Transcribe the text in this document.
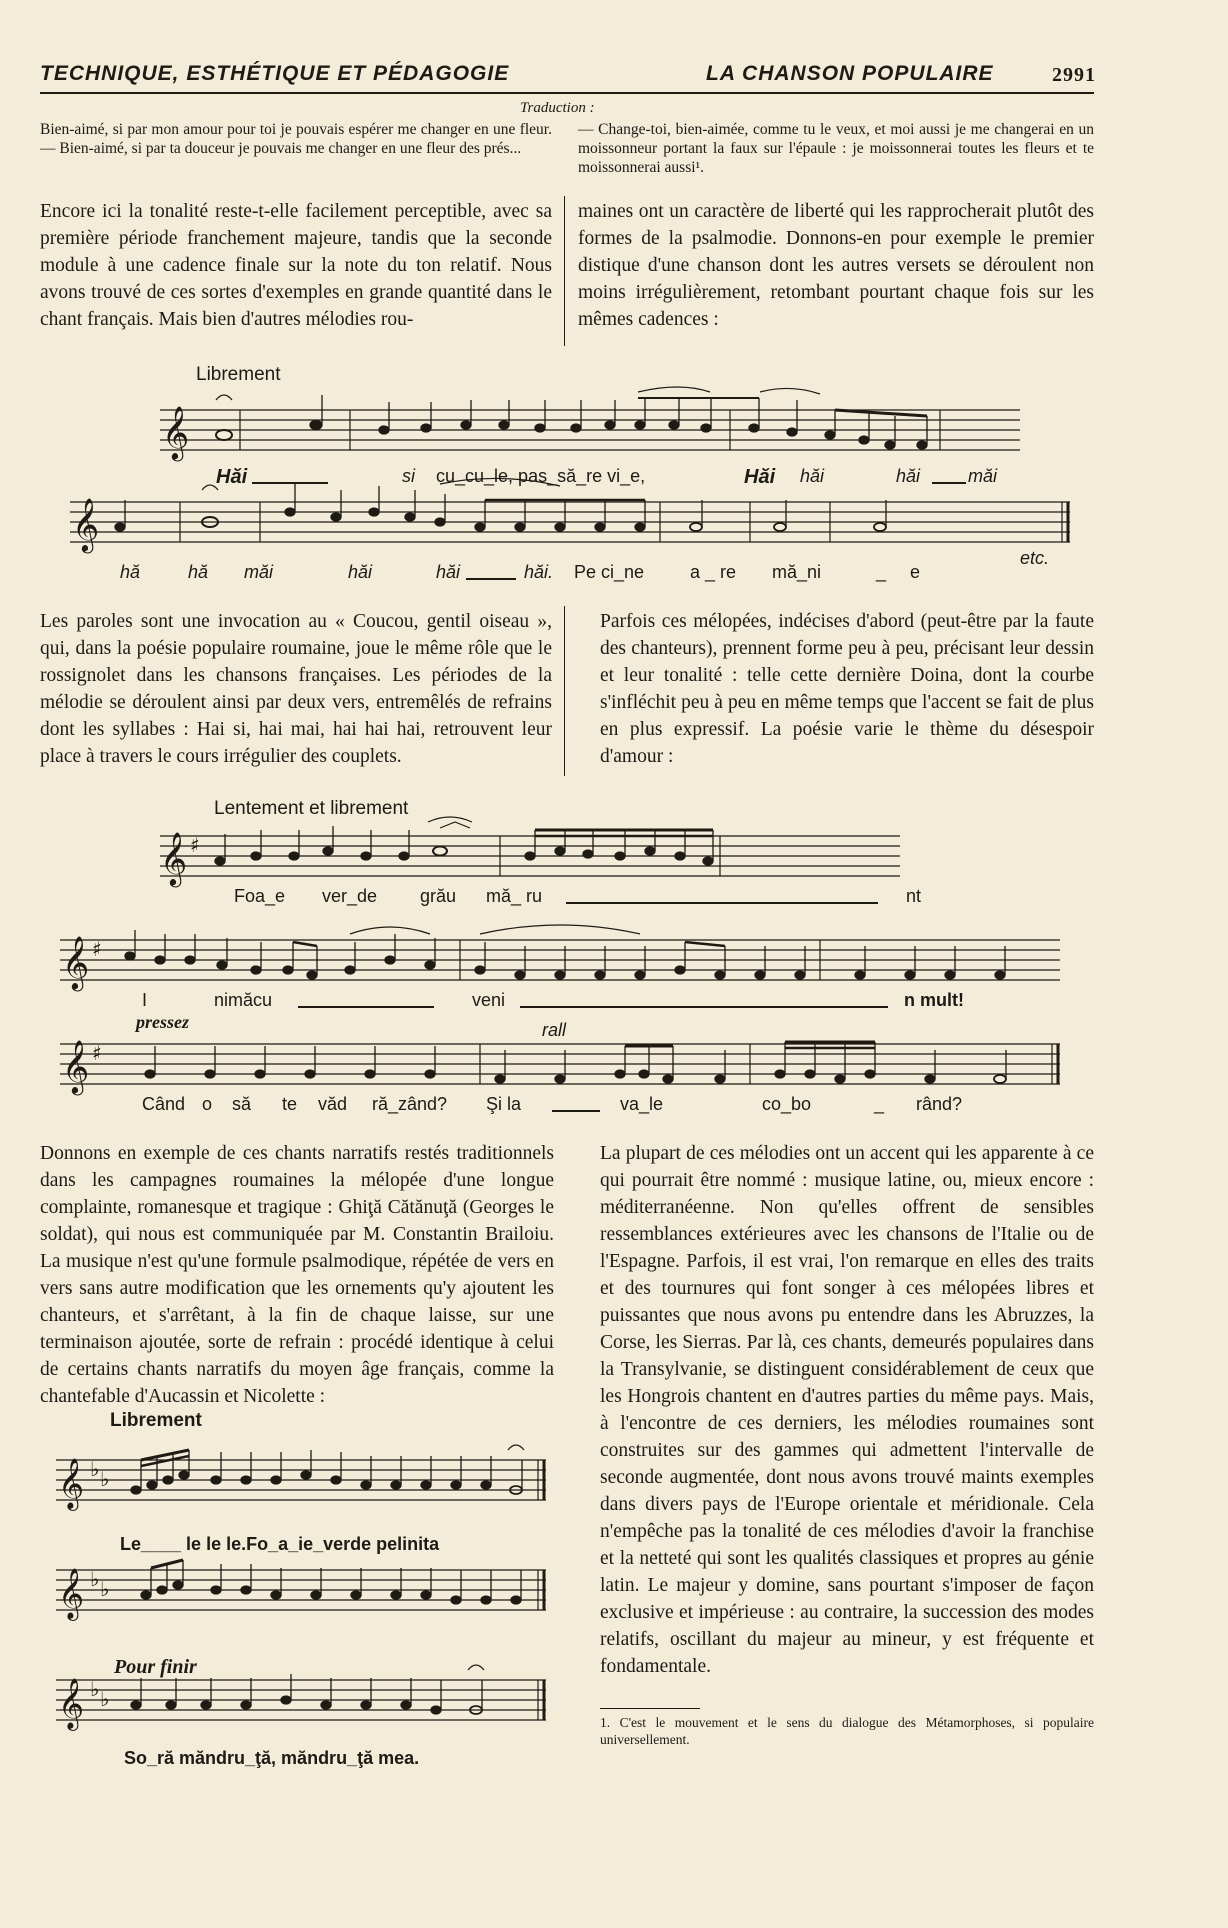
TECHNIQUE, ESTHÉTIQUE ET PÉDAGOGIE	LA CHANSON POPULAIRE	2991
Traduction :

Bien-aimé, si par mon amour pour toi je pouvais espérer me changer en une fleur. — Bien-aimé, si par ta douceur je pouvais me changer en une fleur des prés...

— Change-toi, bien-aimée, comme tu le veux, et moi aussi je me changerai en un moissonneur portant la faux sur l'épaule : je moissonnerai toutes les fleurs et te moissonnerai aussi¹.

Encore ici la tonalité reste-t-elle facilement perceptible, avec sa première période franchement majeure, tandis que la seconde module à une cadence finale sur la note du ton relatif. Nous avons trouvé de ces sortes d'exemples en grande quantité dans le chant français. Mais bien d'autres mélodies rou-

maines ont un caractère de liberté qui les rapprocherait plutôt des formes de la psalmodie. Donnons-en pour exemple le premier distique d'une chanson dont les autres versets se déroulent non moins irrégulièrement, retombant pourtant chaque fois sur les mêmes cadences :

Librement
𝄞
𝄞
Hăi	si cu_cu_le, pas_să_re vi_e,	Hăi hăi	hăi	măi
hă	hă măi	hăi	hăi	hăi. Pe ci_ne	a _ re mă_ni	_ e
etc.

Les paroles sont une invocation au « Coucou, gentil oiseau », qui, dans la poésie populaire roumaine, joue le même rôle que le rossignolet dans les chansons françaises. Les périodes de la mélodie se déroulent ainsi par deux vers, entremêlés de refrains dont les syllabes : Hai si, hai mai, hai hai hai, retrouvent leur place à travers le cours irrégulier des couplets.

Parfois ces mélopées, indécises d'abord (peut-être par la faute des chanteurs), prennent forme peu à peu, précisant leur dessin et leur tonalité : telle cette dernière Doina, dont la courbe s'infléchit peu à peu en même temps que l'accent se fait de plus en plus expressif. La poésie varie le thème du désespoir d'amour :

Lentement et librement
𝄞
𝄞
𝄞
♯
♯
♯
Foa_e ver_de grău mă_ ru	nt
I	nimăcu	veni	n mult!
pressez	rall
Când o să te văd ră_zând? Şi la	va_le	co_bo	_ rând?

Donnons en exemple de ces chants narratifs restés traditionnels dans les campagnes roumaines la mélopée d'une longue complainte, romanesque et tragique : Ghiţă Cătănuţă (Georges le soldat), qui nous est communiquée par M. Constantin Brailoiu. La musique n'est qu'une formule psalmodique, répétée de vers en vers sans autre modification que les ornements qu'y ajoutent les chanteurs, et s'arrêtant, à la fin de chaque laisse, sur une terminaison ajoutée, sorte de refrain : procédé identique à celui de certains chants narratifs du moyen âge français, comme la chantefable d'Aucassin et Nicolette :

La plupart de ces mélodies ont un accent qui les apparente à ce qui pourrait être nommé : musique latine, ou, mieux encore : méditerranéenne. Non qu'elles offrent de sensibles ressemblances extérieures avec les chansons de l'Italie ou de l'Espagne. Parfois, il est vrai, l'on remarque en elles des traits et des tournures qui font songer à ces mélopées libres et puissantes que nous avons pu entendre dans les Abruzzes, la Corse, les Sierras. Par là, ces chants, demeurés populaires dans la Transylvanie, se distinguent considérablement de ceux que les Hongrois chantent en d'autres parties du même pays. Mais, à l'encontre de ces derniers, les mélodies roumaines sont construites sur des gammes qui admettent l'intervalle de seconde augmentée, dont nous avons trouvé maints exemples dans divers pays de l'Europe orientale et méridionale. Cela n'empêche pas la tonalité de ces mélodies d'avoir la franchise et la netteté qui sont les qualités classiques et propres au génie latin. Le majeur y domine, sans pourtant s'imposer de façon exclusive et impérieuse : au contraire, la succession des modes relatifs, oscillant du majeur au mineur, y est fréquente et fondamentale.

Librement
𝄞
𝄞
𝄞
♭ ♭
♭ ♭
♭ ♭
Le____ le le le.Fo_a_ie_verde pelinita
Pour finir
So_ră măndru_ţă, măndru_ţă mea.

1. C'est le mouvement et le sens du dialogue des Métamorphoses, si populaire universellement.
